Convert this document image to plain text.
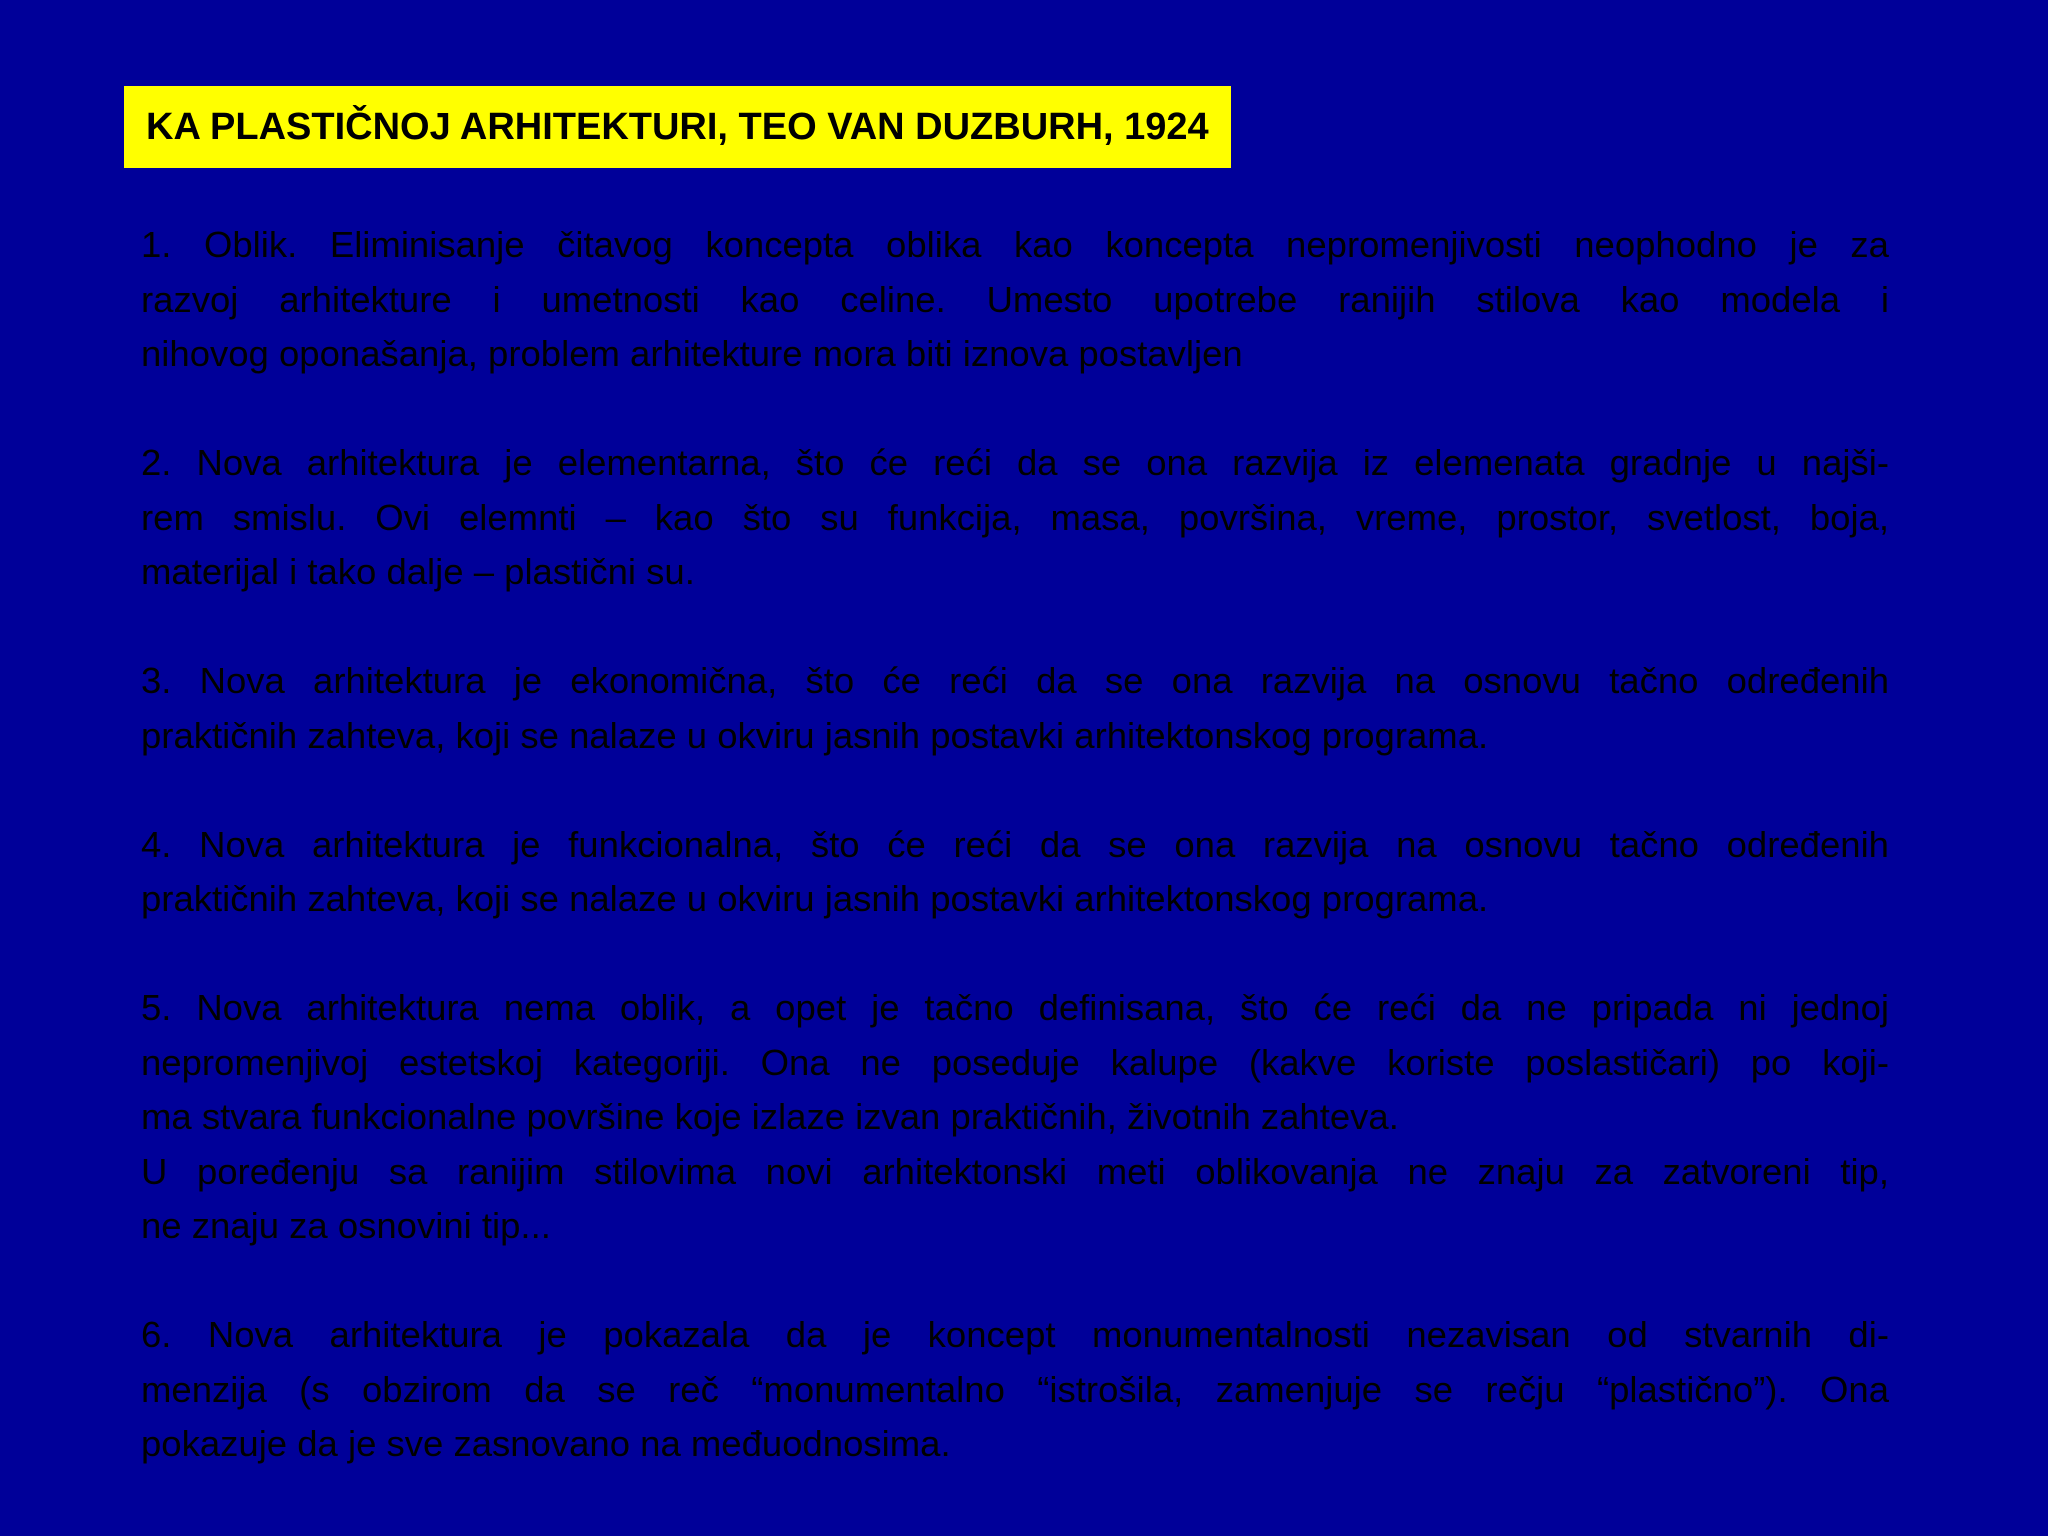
KA PLASTIČNOJ ARHITEKTURI, TEO VAN DUZBURH, 1924
1. Oblik. Eliminisanje čitavog koncepta oblika kao koncepta nepromenjivosti neophodno je za
razvoj arhitekture i umetnosti kao celine. Umesto upotrebe ranijih stilova kao modela i
nihovog oponašanja, problem arhitekture mora biti iznova postavljen
2. Nova arhitektura je elementarna, što će reći da se ona razvija iz elemenata gradnje u najši-
rem smislu. Ovi elemnti – kao što su funkcija, masa, površina, vreme, prostor, svetlost, boja,
materijal i tako dalje – plastični su.
3. Nova arhitektura je ekonomična, što će reći da se ona razvija na osnovu tačno određenih
praktičnih zahteva, koji se nalaze u okviru jasnih postavki arhitektonskog programa.
4. Nova arhitektura je funkcionalna, što će reći da se ona razvija na osnovu tačno određenih
praktičnih zahteva, koji se nalaze u okviru jasnih postavki arhitektonskog programa.
5. Nova arhitektura nema oblik, a opet je tačno definisana, što će reći da ne pripada ni jednoj
nepromenjivoj estetskoj kategoriji. Ona ne poseduje kalupe (kakve koriste poslastičari) po koji-
ma stvara funkcionalne površine koje izlaze izvan praktičnih, životnih zahteva.
U poređenju sa ranijim stilovima novi arhitektonski meti oblikovanja ne znaju za zatvoreni tip,
ne znaju za osnovini tip...
6. Nova arhitektura je pokazala da je koncept monumentalnosti nezavisan od stvarnih di-
menzija (s obzirom da se reč “monumentalno “istrošila, zamenjuje se rečju “plastično”). Ona
pokazuje da je sve zasnovano na međuodnosima.
